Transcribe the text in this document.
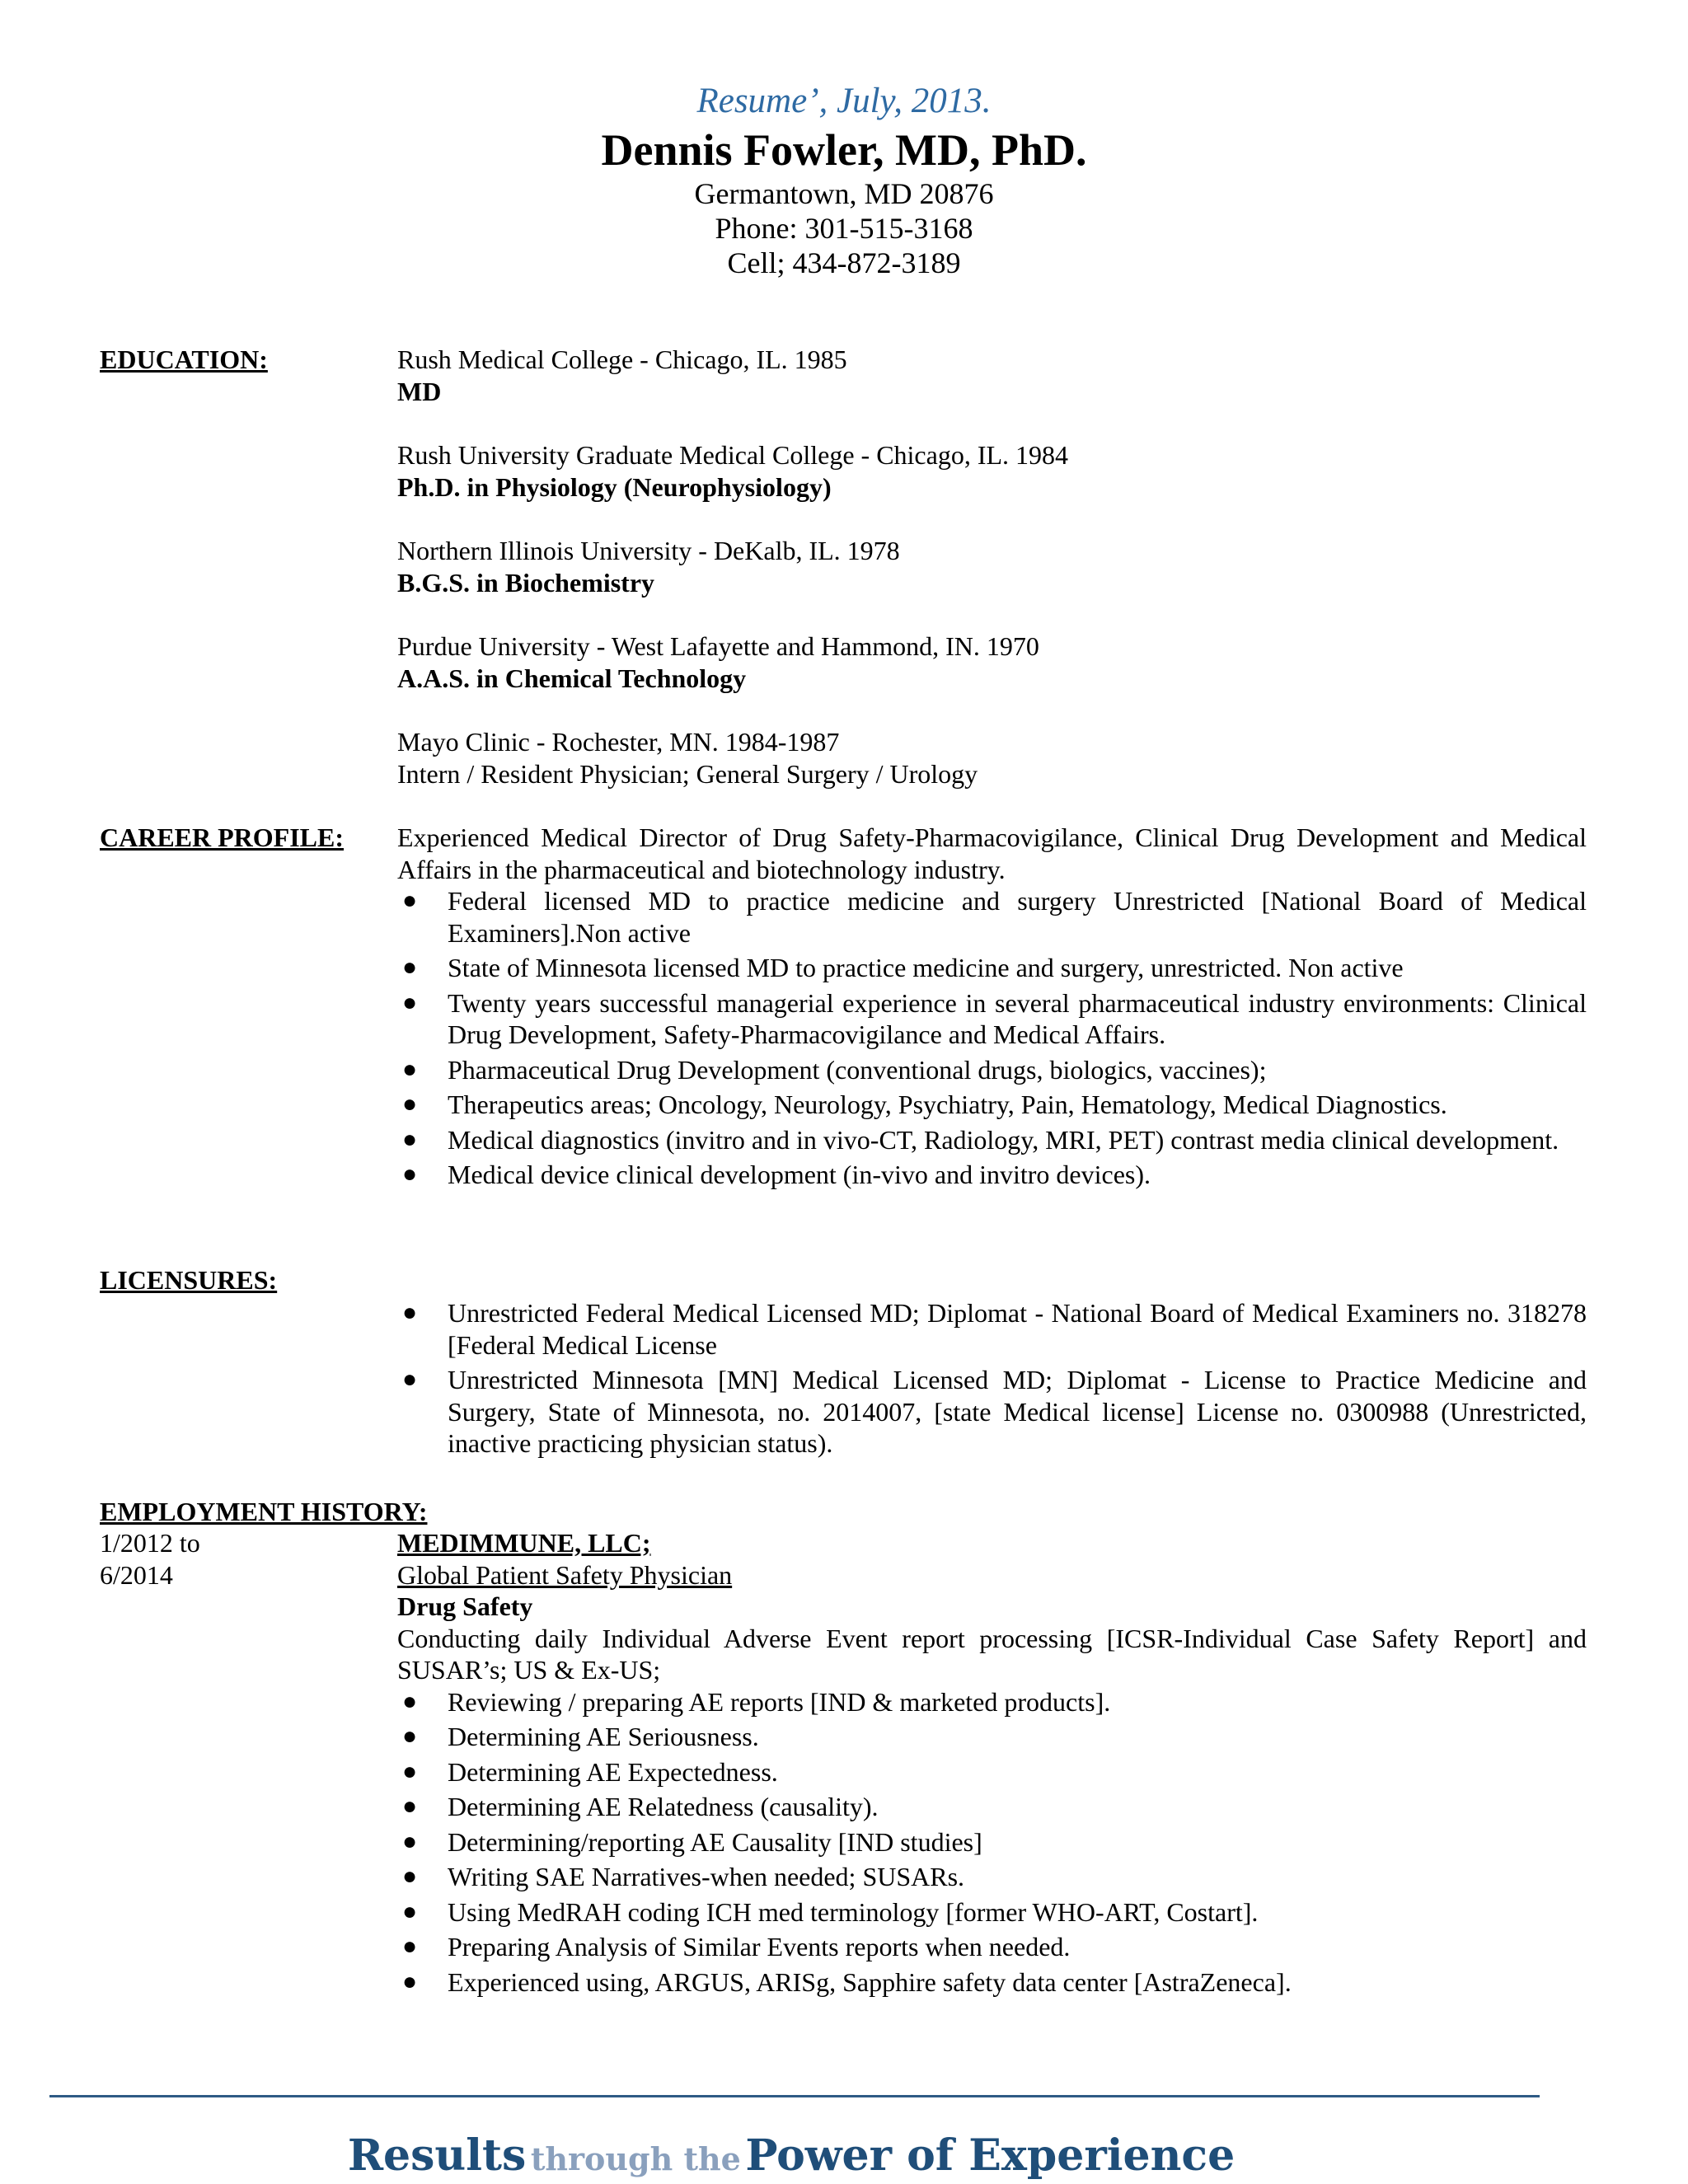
Resume’, July, 2013.
Dennis Fowler, MD, PhD.
Germantown, MD 20876
Phone: 301-515-3168
Cell; 434-872-3189
EDUCATION:	Rush Medical College - Chicago, IL. 1985

MD

Rush University Graduate Medical College - Chicago, IL. 1984

Ph.D. in Physiology (Neurophysiology)

Northern Illinois University - DeKalb, IL. 1978

B.G.S. in Biochemistry

Purdue University - West Lafayette and Hammond, IN. 1970

A.A.S. in Chemical Technology

Mayo Clinic - Rochester, MN. 1984-1987

Intern / Resident Physician; General Surgery / Urology

CAREER PROFILE: Experienced Medical Director of Drug Safety-Pharmacovigilance, Clinical Drug Development and Medical Affairs in the pharmaceutical and biotechnology industry.

● Federal licensed MD to practice medicine and surgery Unrestricted [National Board of Medical Examiners].Non active
● State of Minnesota licensed MD to practice medicine and surgery, unrestricted. Non active
● Twenty years successful managerial experience in several pharmaceutical industry environments: Clinical Drug Development, Safety-Pharmacovigilance and Medical Affairs.
● Pharmaceutical Drug Development (conventional drugs, biologics, vaccines);
● Therapeutics areas; Oncology, Neurology, Psychiatry, Pain, Hematology, Medical Diagnostics.
● Medical diagnostics (invitro and in vivo-CT, Radiology, MRI, PET) contrast media clinical development.
● Medical device clinical development (in-vivo and invitro devices).
LICENSURES:
● Unrestricted Federal Medical Licensed MD; Diplomat - National Board of Medical Examiners no. 318278 [Federal Medical License
● Unrestricted Minnesota [MN] Medical Licensed MD; Diplomat - License to Practice Medicine and Surgery, State of Minnesota, no. 2014007, [state Medical license] License no. 0300988 (Unrestricted, inactive practicing physician status).
EMPLOYMENT HISTORY:
1/2012 to
6/2014

MEDIMMUNE, LLC;

Global Patient Safety Physician

Drug Safety

Conducting daily Individual Adverse Event report processing [ICSR-Individual Case Safety Report] and SUSAR’s; US & Ex-US;

● Reviewing / preparing AE reports [IND & marketed products].
● Determining AE Seriousness.
● Determining AE Expectedness.
● Determining AE Relatedness (causality).
● Determining/reporting AE Causality [IND studies]
● Writing SAE Narratives-when needed; SUSARs.
● Using MedRAH coding ICH med terminology [former WHO-ART, Costart].
● Preparing Analysis of Similar Events reports when needed.
● Experienced using, ARGUS, ARISg, Sapphire safety data center [AstraZeneca].
Results through the Power of Experience
